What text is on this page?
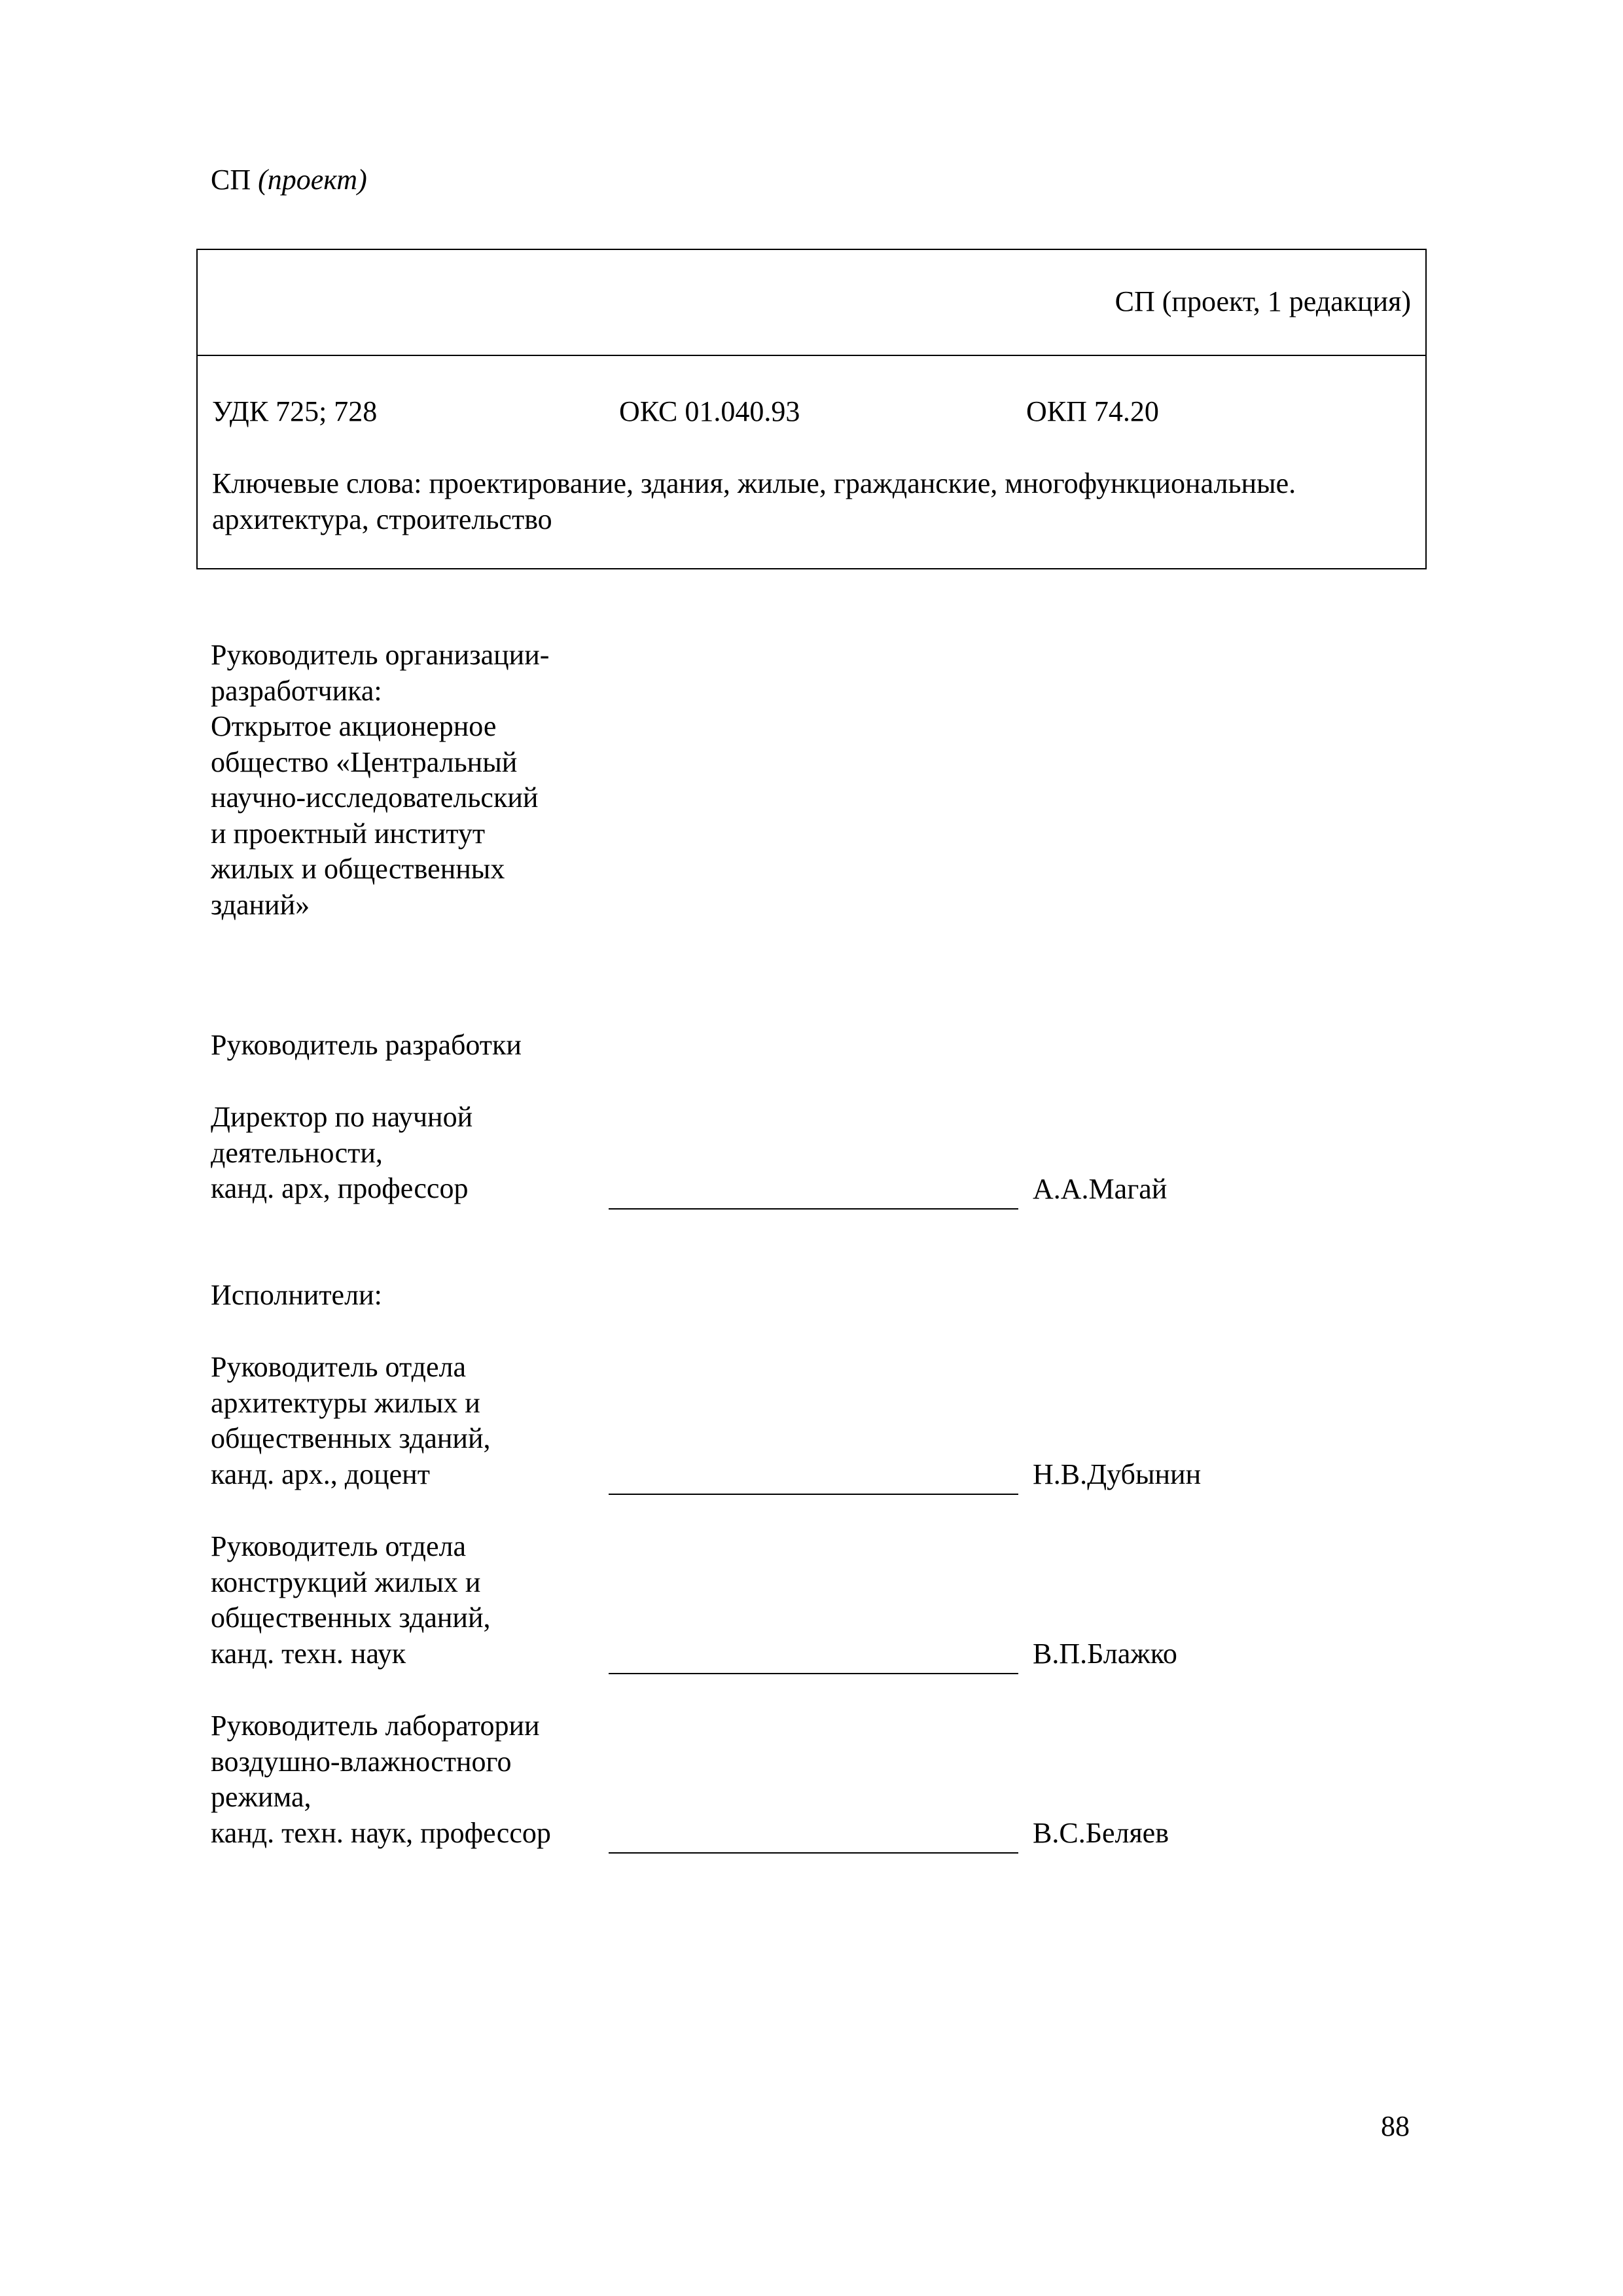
СП (проект)
СП (проект, 1 редакция)
УДК 725; 728	ОКС 01.040.93	ОКП 74.20
Ключевые слова: проектирование, здания, жилые, гражданские, многофункциональные. архитектура, строительство
Руководитель организации-
разработчика:
Открытое акционерное
общество «Центральный
научно-исследовательский
и проектный институт
жилых и общественных
зданий»
Руководитель разработки
Директор по научной
деятельности,
канд. арх, профессор	А.А.Магай
Исполнители:
Руководитель отдела
архитектуры жилых и
общественных зданий,
канд. арх., доцент	Н.В.Дубынин
Руководитель отдела
конструкций жилых и
общественных зданий,
канд. техн. наук	В.П.Блажко
Руководитель лаборатории
воздушно-влажностного
режима,
канд. техн. наук, профессор	В.С.Беляев
88
